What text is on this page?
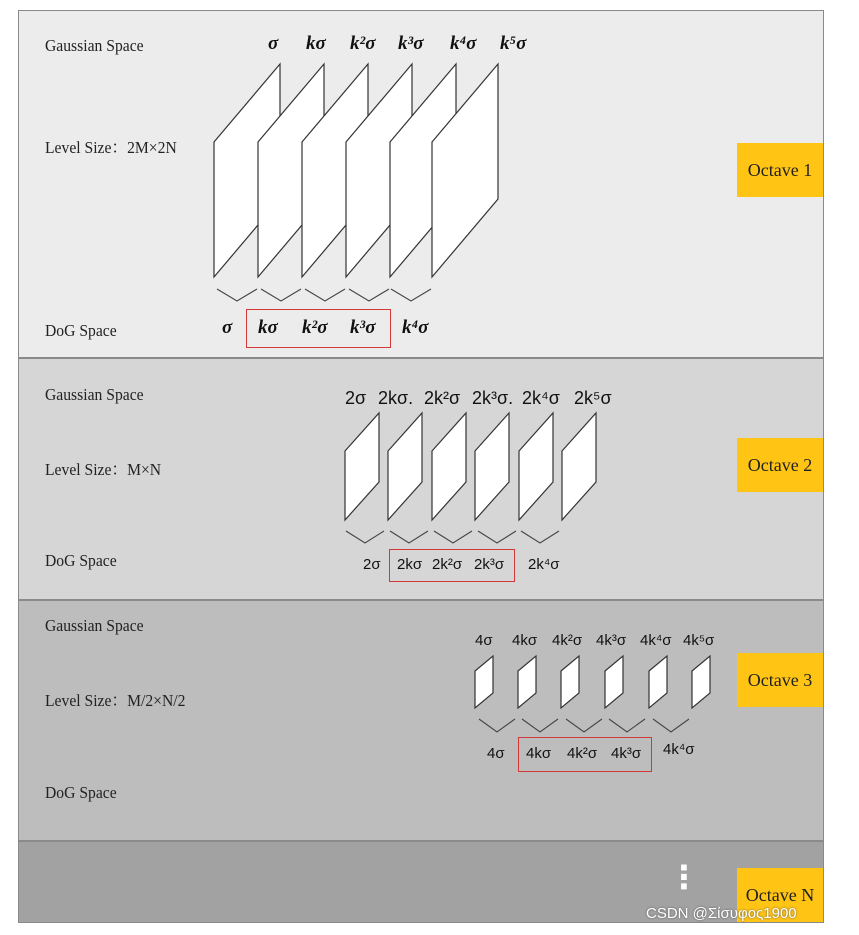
Gaussian Space
Level Size：2M×2N
DoG Space
Octave 1
σ kσ k²σ k³σ k⁴σ k⁵σ
σ kσ k²σ k³σ k⁴σ
Gaussian Space
Level Size：M×N
DoG Space
Octave 2
2σ 2kσ. 2k²σ 2k³σ. 2k⁴σ 2k⁵σ
2σ 2kσ 2k²σ 2k³σ 2k⁴σ
Gaussian Space
Level Size：M/2×N/2
DoG Space
Octave 3
4σ 4kσ 4k²σ 4k³σ 4k⁴σ 4k⁵σ
4σ 4kσ 4k²σ 4k³σ 4k⁴σ
⋮	Octave N
CSDN @Σίσυφος1900
